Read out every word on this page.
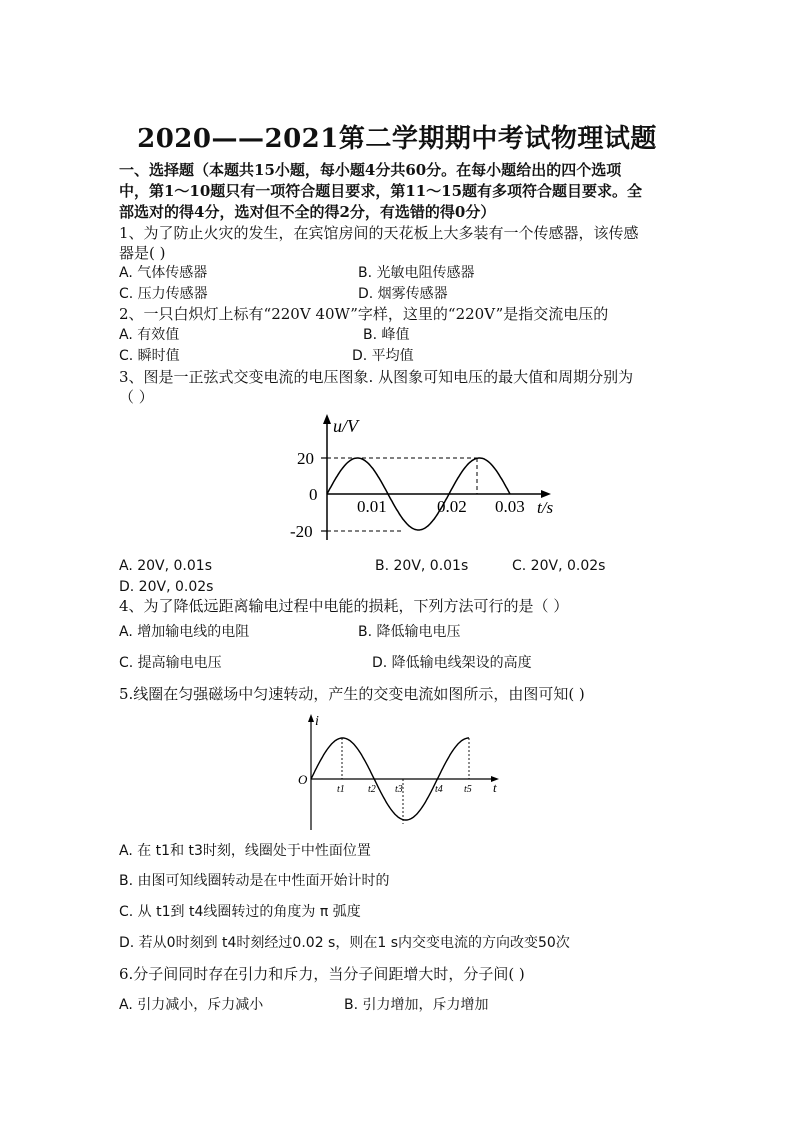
2020——2021第二学期期中考试物理试题
一、选择题（本题共15小题，每小题4分共60分。在每小题给出的四个选项
中，第1～10题只有一项符合题目要求，第11～15题有多项符合题目要求。全
部选对的得4分，选对但不全的得2分，有选错的得0分）
1、为了防止火灾的发生，在宾馆房间的天花板上大多装有一个传感器，该传感
器是( )
A. 气体传感器	B. 光敏电阻传感器
C. 压力传感器	D. 烟雾传感器
2、一只白炽灯上标有“220V 40W”字样，这里的“220V”是指交流电压的
A. 有效值	B. 峰值
C. 瞬时值	D. 平均值
3、图是一正弦式交变电流的电压图象. 从图象可知电压的最大值和周期分别为
（ ）
u/V
20
0
-20
0.01	0.02 0.03 t/s
A. 20V, 0.01s	B. 20V, 0.01s	C. 20V, 0.02s
D. 20V, 0.02s
4、为了降低远距离输电过程中电能的损耗，下列方法可行的是（ ）
A. 增加输电线的电阻	B. 降低输电电压
C. 提高输电电压	D. 降低输电线架设的高度
5.线圈在匀强磁场中匀速转动，产生的交变电流如图所示，由图可知( )
i
O
t
t1 t2 t3	t4 t5
A. 在 t1和 t3时刻，线圈处于中性面位置
B. 由图可知线圈转动是在中性面开始计时的
C. 从 t1到 t4线圈转过的角度为 π 弧度
D. 若从0时刻到 t4时刻经过0.02 s，则在1 s内交变电流的方向改变50次
6.分子间同时存在引力和斥力，当分子间距增大时，分子间( )
A. 引力减小，斥力减小	B. 引力增加，斥力增加
